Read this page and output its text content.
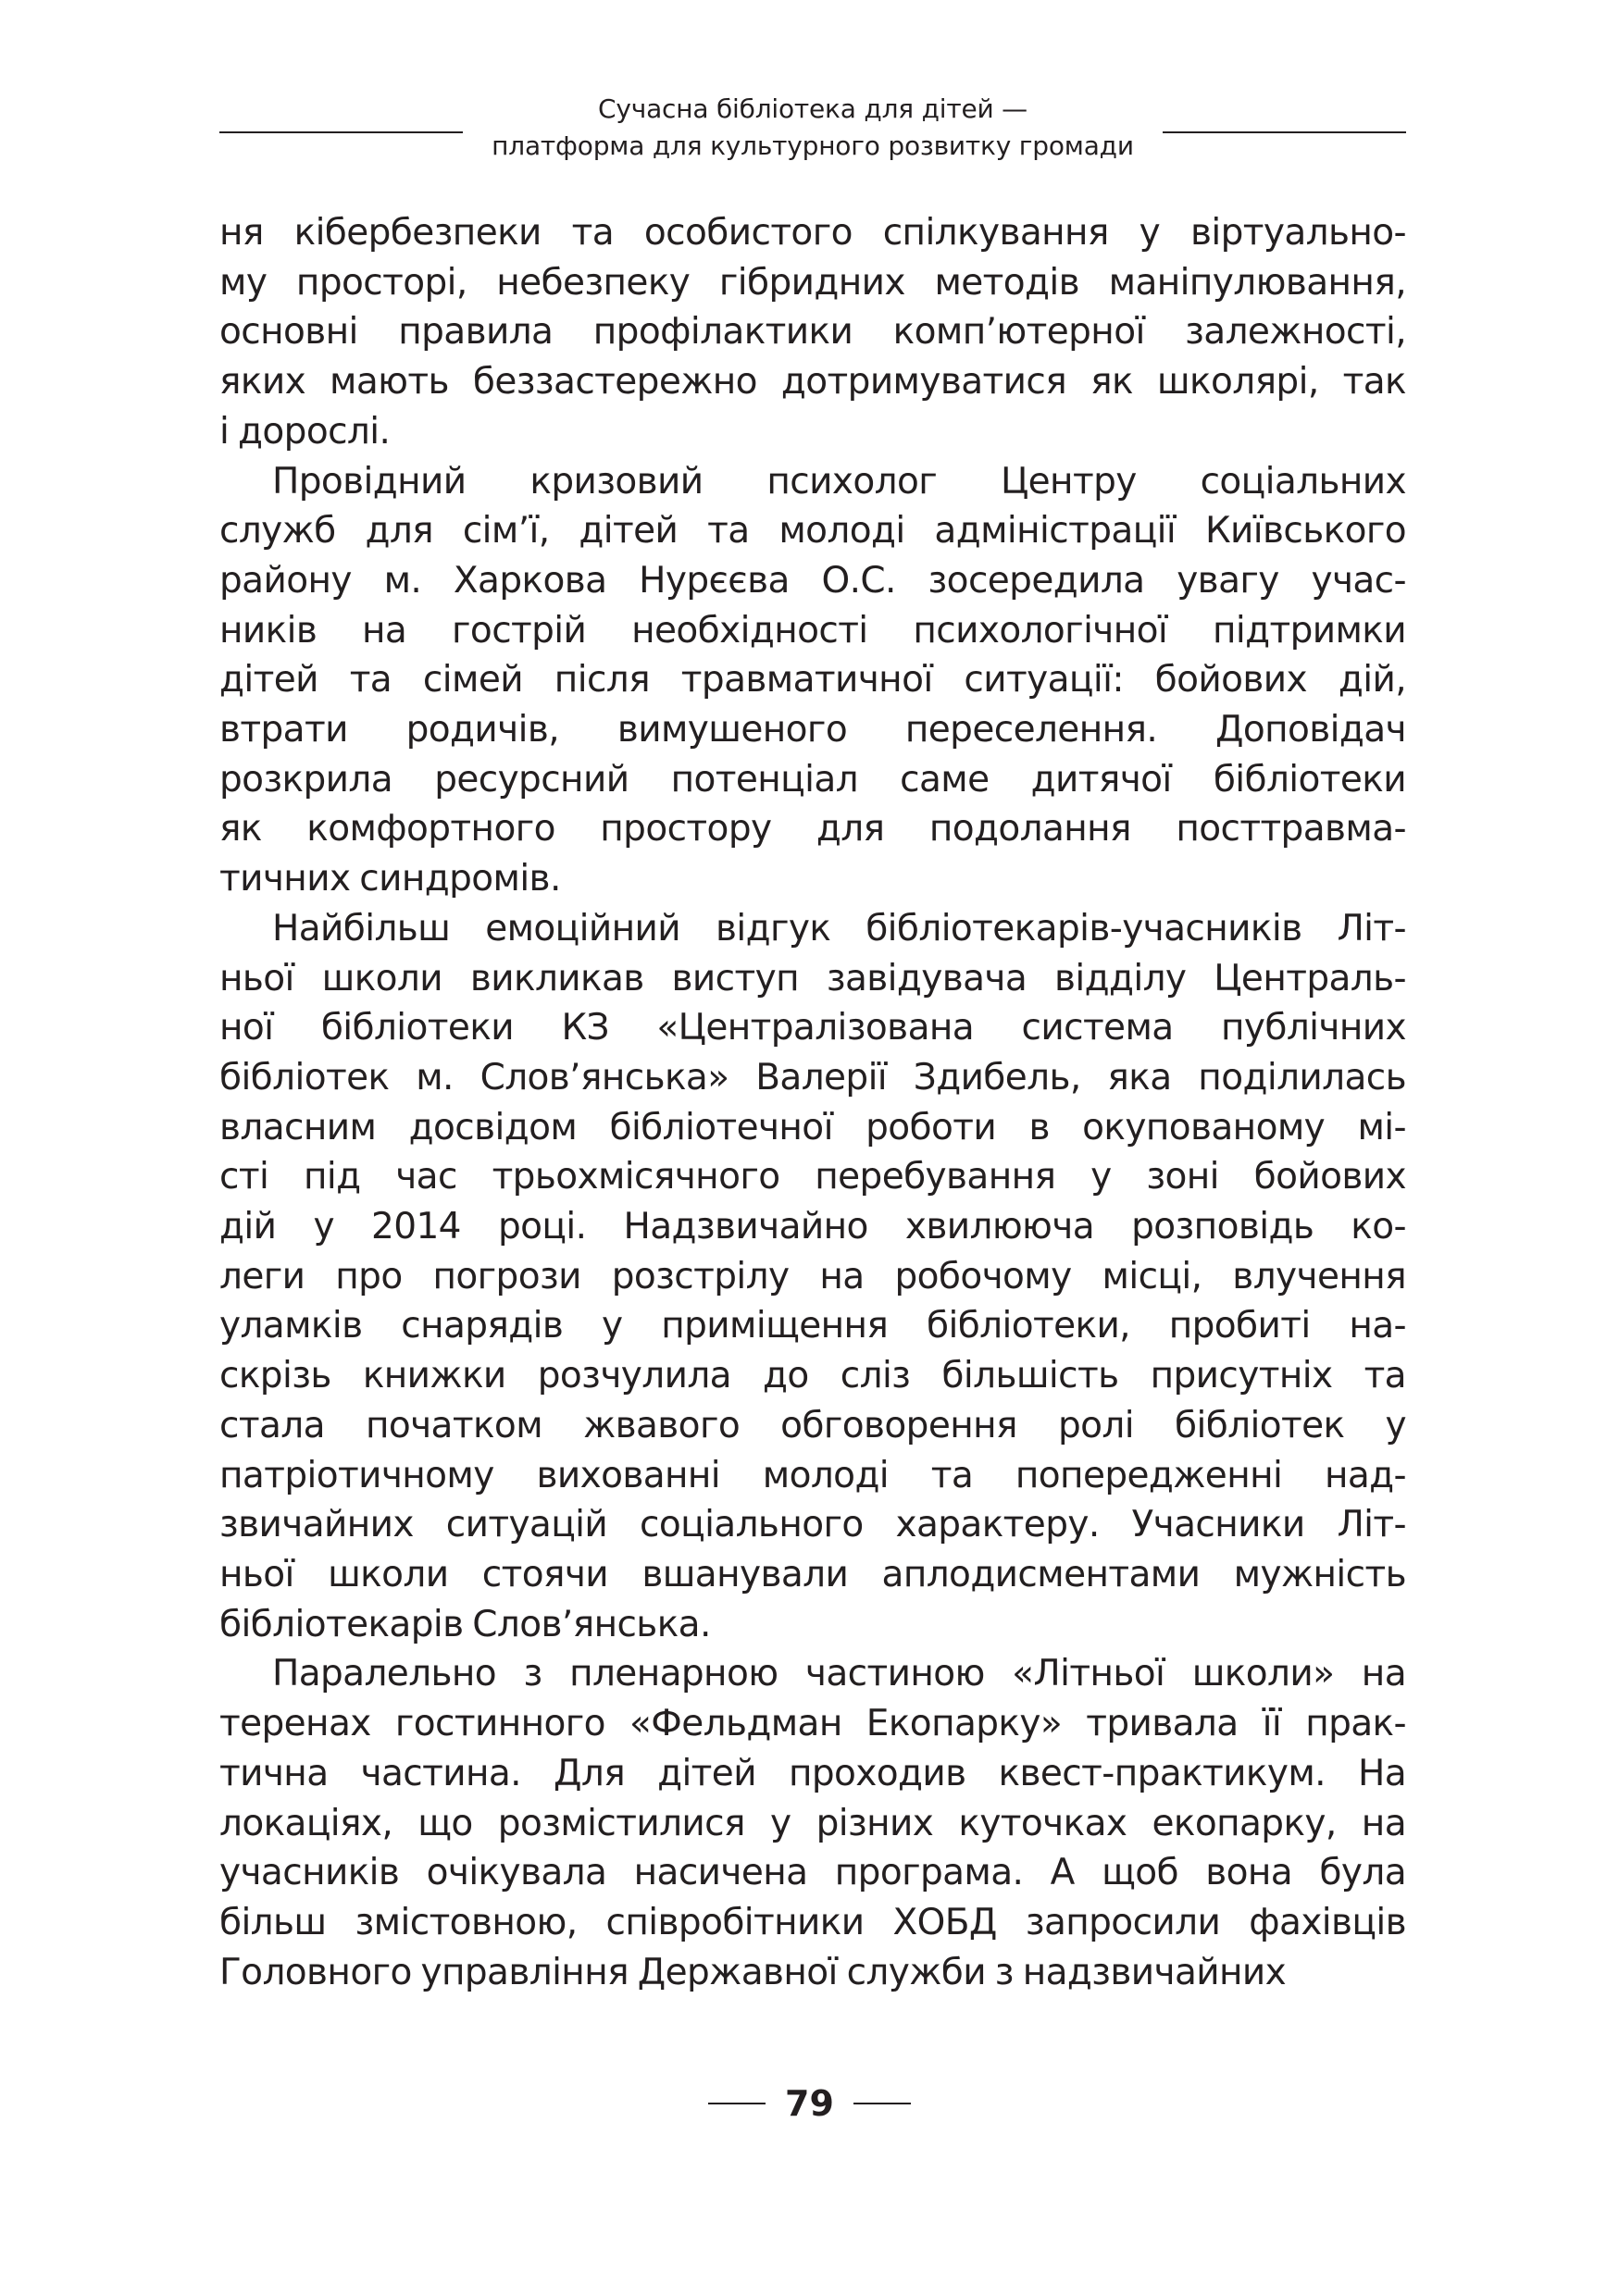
Сучасна бібліотека для дітей —
платформа для культурного розвитку громади

ня кібербезпеки та особистого спілкування у віртуально-
му просторі, небезпеку гібридних методів маніпулювання,
основні правила профілактики комп’ютерної залежності,
яких мають беззастережно дотримуватися як школярі, так
і дорослі.

Провідний кризовий психолог Центру соціальних
служб для сім’ї, дітей та молоді адміністрації Київського
району м. Харкова Нурєєва О.С. зосередила увагу учас-
ників на гострій необхідності психологічної підтримки
дітей та сімей після травматичної ситуації: бойових дій,
втрати родичів, вимушеного переселення. Доповідач
розкрила ресурсний потенціал саме дитячої бібліотеки
як комфортного простору для подолання посттравма-
тичних синдромів.

Найбільш емоційний відгук бібліотекарів-учасників Літ-
ньої школи викликав виступ завідувача відділу Централь-
ної бібліотеки КЗ «Централізована система публічних
бібліотек м. Слов’янська» Валерії Здибель, яка поділилась
власним досвідом бібліотечної роботи в окупованому мі-
сті під час трьохмісячного перебування у зоні бойових
дій у 2014 році. Надзвичайно хвилююча розповідь ко-
леги про погрози розстрілу на робочому місці, влучення
уламків снарядів у приміщення бібліотеки, пробиті на-
скрізь книжки розчулила до сліз більшість присутніх та
стала початком жвавого обговорення ролі бібліотек у
патріотичному вихованні молоді та попередженні над-
звичайних ситуацій соціального характеру. Учасники Літ-
ньої школи стоячи вшанували аплодисментами мужність
бібліотекарів Слов’янська.

Паралельно з пленарною частиною «Літньої школи» на
теренах гостинного «Фельдман Екопарку» тривала її прак-
тична частина. Для дітей проходив квест-практикум. На
локаціях, що розмістилися у різних куточках екопарку, на
учасників очікувала насичена програма. А щоб вона була
більш змістовною, співробітники ХОБД запросили фахівців
Головного управління Державної служби з надзвичайних

79
